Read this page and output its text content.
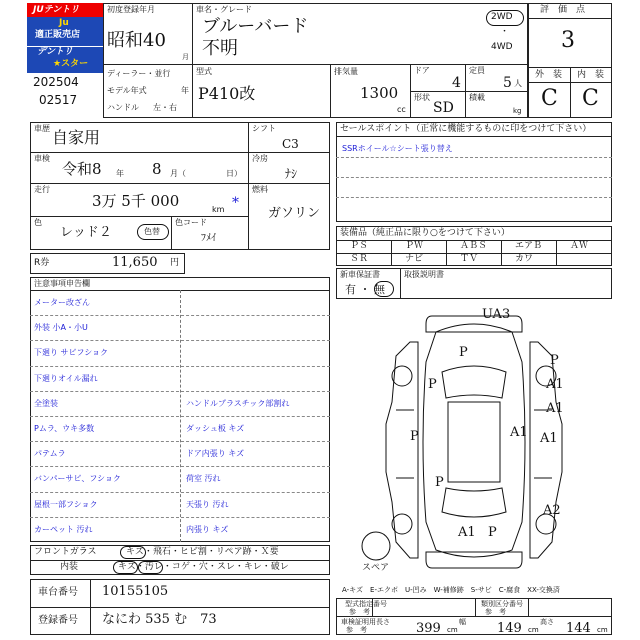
JUテントリ
Ju
適正販売店
デントリ
★スター
202504
02517
初度登録年月
昭和40
月
車名・グレード
ブルーバード
不明
2WD
・
4WD
ディーラー・並行
モデル年式	年
ハンドル 左・右
型式
P410改
排気量
1300
cc
ドア
4
定員
5 人
形状
SD
積載
kg
評　価　点
3
外　装 内　装
C C
車歴 自家用
車検
令和8 年 8 月（	日）
走行
3万 5千 000	km *
色
レッド２	色替
色コード
ﾌﾒｲ
シフト
C3
冷房
ﾅｼ
燃料
ガソリン
R券	11,650 円
注意事項申告欄
メーター改ざん
外装 小A・小U
下廻り サビフショク
下廻りオイル漏れ
全塗装	ハンドルプラスチック部割れ
Pムラ、ウキ多数	ダッシュ板 キズ
パテムラ	ドア内張り キズ
バンパーサビ、フショク	荷室 汚れ
屋根一部フショク	天張り 汚れ
カーペット 汚れ	内張り キズ
フロントガラス	キズ・飛石・ヒビ割・リペア跡・Ｘ要
内装	キズ・汚レ・コゲ・穴・スレ・キレ・破レ
車台番号 10155105
登録番号 なにわ 535 む　73
セールスポイント（正常に機能するものに印をつけて下さい）
SSRホイール☆シート張り替え
装備品（純正品に限り○をつけて下さい）
ＰＳ	ＰＷ	ＡＢＳ	エアＢ	ＡＷ
ＳＲ	ナビ	ＴＶ	カワ
新車保証書
有 ・ 無
取扱説明書
スペア
UA3
P
P
A1
P
A1
P	A1 A1
P
A2
A1 P
A-キズ　E-エクボ　U-凹み　W-補修跡　S-サビ　C-腐食　XX-交換済
型式指定番号
参　考
類別区分番号
参　考
車検証明用
参　考
長さ 399 cm
幅 149 cm
高さ 144 cm
